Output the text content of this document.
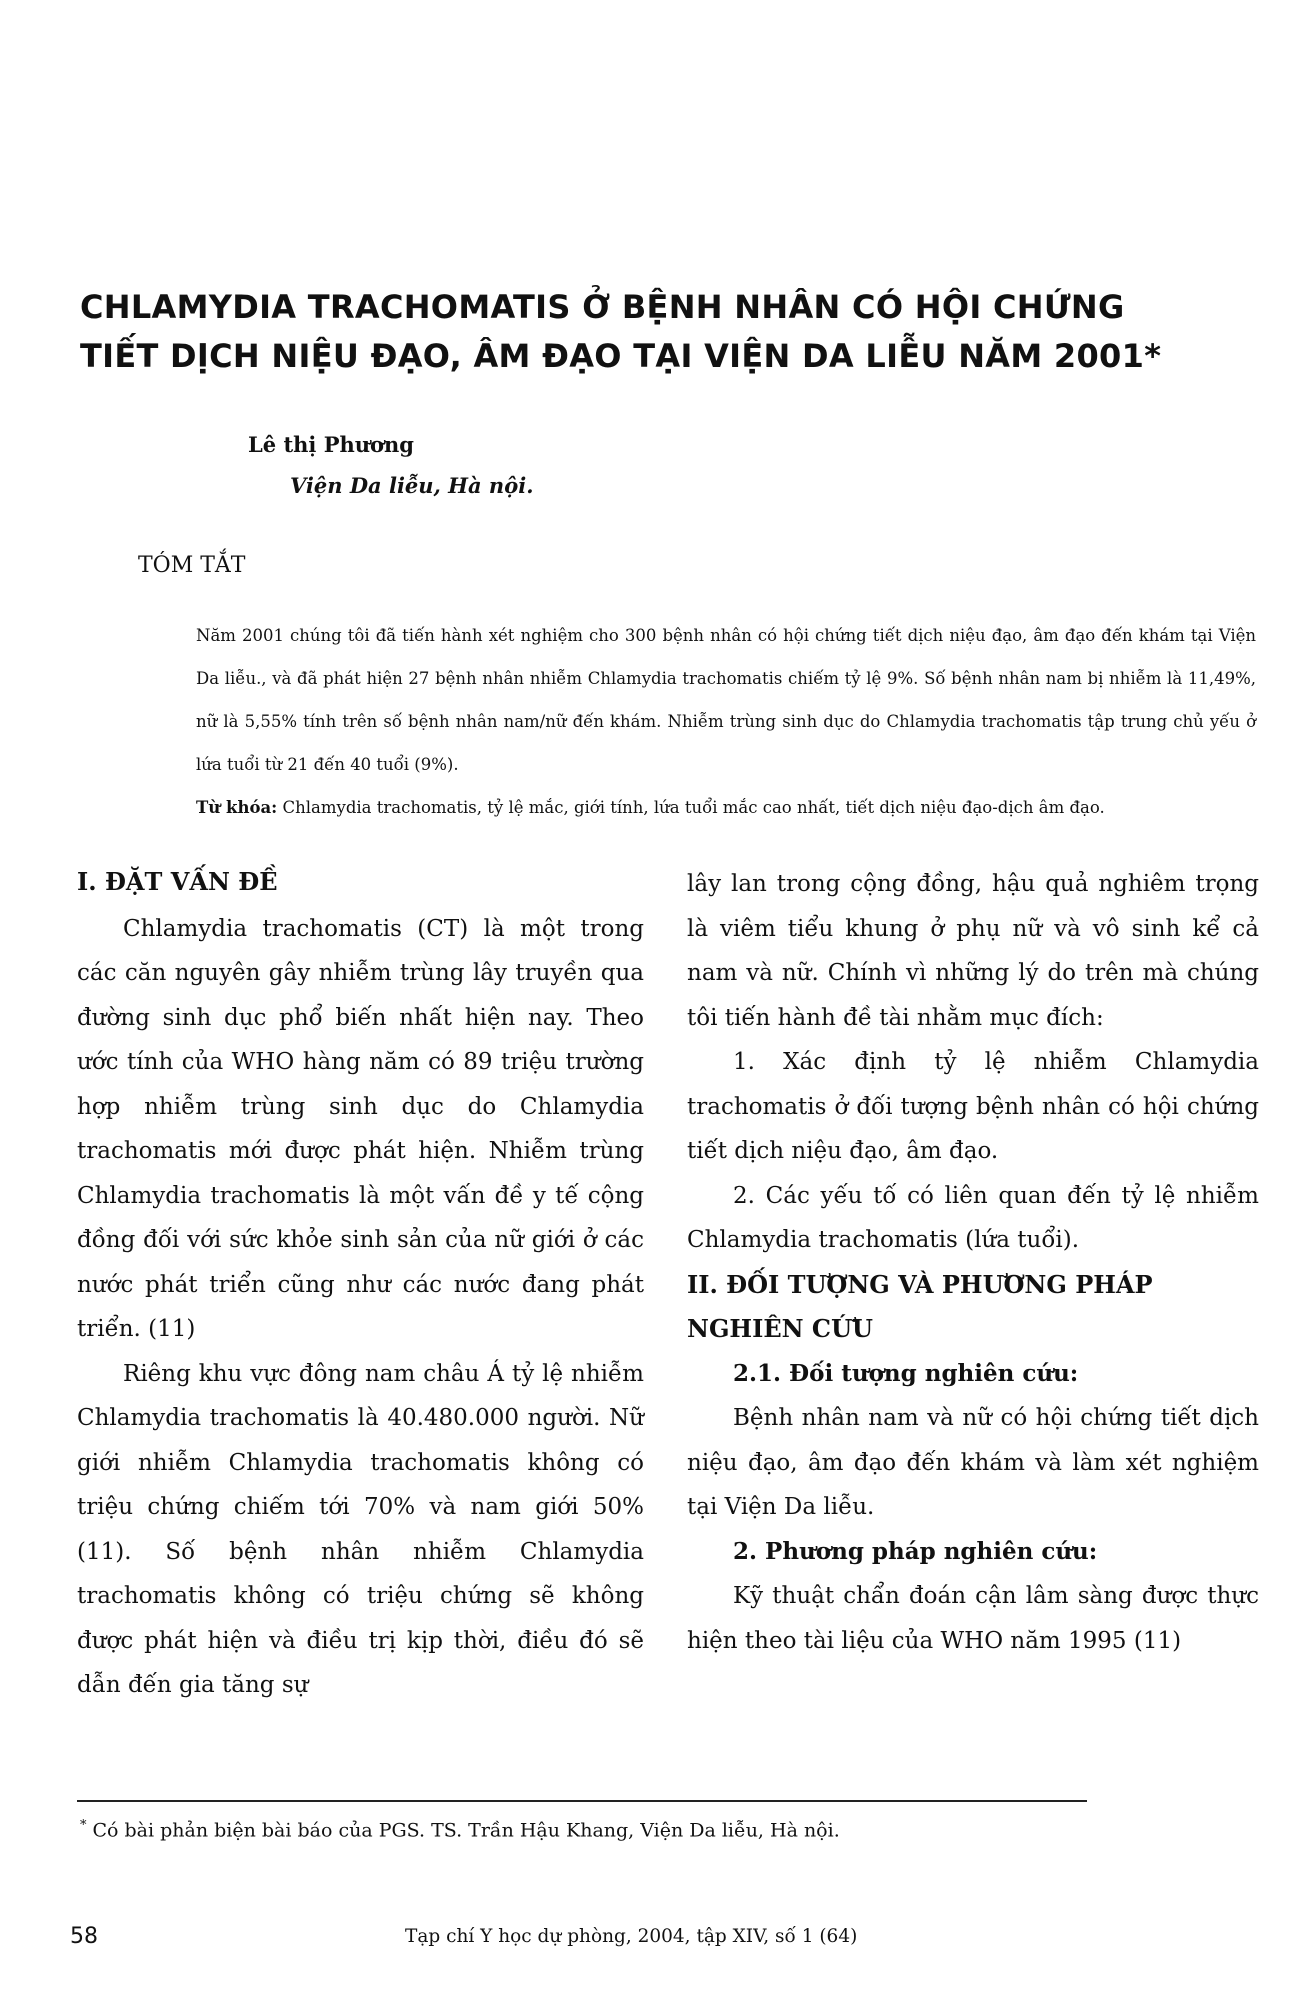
CHLAMYDIA TRACHOMATIS Ở BỆNH NHÂN CÓ HỘI CHỨNG
TIẾT DỊCH NIỆU ĐẠO, ÂM ĐẠO TẠI VIỆN DA LIỄU NĂM 2001*

Lê thị Phương

Viện Da liễu, Hà nội.

TÓM TẮT

Năm 2001 chúng tôi đã tiến hành xét nghiệm cho 300 bệnh nhân có hội chứng tiết dịch niệu đạo, âm đạo đến khám tại Viện Da liễu., và đã phát hiện 27 bệnh nhân nhiễm Chlamydia trachomatis chiếm tỷ lệ 9%. Số bệnh nhân nam bị nhiễm là 11,49%, nữ là 5,55% tính trên số bệnh nhân nam/nữ đến khám. Nhiễm trùng sinh dục do Chlamydia trachomatis tập trung chủ yếu ở lứa tuổi từ 21 đến 40 tuổi (9%).

Từ khóa: Chlamydia trachomatis, tỷ lệ mắc, giới tính, lứa tuổi mắc cao nhất, tiết dịch niệu đạo-dịch âm đạo.

I. ĐẶT VẤN ĐỀ

Chlamydia trachomatis (CT) là một trong các căn nguyên gây nhiễm trùng lây truyền qua đường sinh dục phổ biến nhất hiện nay. Theo ước tính của WHO hàng năm có 89 triệu trường hợp nhiễm trùng sinh dục do Chlamydia trachomatis mới được phát hiện. Nhiễm trùng Chlamydia trachomatis là một vấn đề y tế cộng đồng đối với sức khỏe sinh sản của nữ giới ở các nước phát triển cũng như các nước đang phát triển. (11)

Riêng khu vực đông nam châu Á tỷ lệ nhiễm Chlamydia trachomatis là 40.480.000 người. Nữ giới nhiễm Chlamydia trachomatis không có triệu chứng chiếm tới 70% và nam giới 50% (11). Số bệnh nhân nhiễm Chlamydia trachomatis không có triệu chứng sẽ không được phát hiện và điều trị kịp thời, điều đó sẽ dẫn đến gia tăng sự

lây lan trong cộng đồng, hậu quả nghiêm trọng là viêm tiểu khung ở phụ nữ và vô sinh kể cả nam và nữ. Chính vì những lý do trên mà chúng tôi tiến hành đề tài nhằm mục đích:

1. Xác định tỷ lệ nhiễm Chlamydia trachomatis ở đối tượng bệnh nhân có hội chứng tiết dịch niệu đạo, âm đạo.

2. Các yếu tố có liên quan đến tỷ lệ nhiễm Chlamydia trachomatis (lứa tuổi).

II. ĐỐI TƯỢNG VÀ PHƯƠNG PHÁP NGHIÊN CỨU
2.1. Đối tượng nghiên cứu:

Bệnh nhân nam và nữ có hội chứng tiết dịch niệu đạo, âm đạo đến khám và làm xét nghiệm tại Viện Da liễu.

2. Phương pháp nghiên cứu:

Kỹ thuật chẩn đoán cận lâm sàng được thực hiện theo tài liệu của WHO năm 1995 (11)

* Có bài phản biện bài báo của PGS. TS. Trần Hậu Khang, Viện Da liễu, Hà nội.

58	Tạp chí Y học dự phòng, 2004, tập XIV, số 1 (64)
